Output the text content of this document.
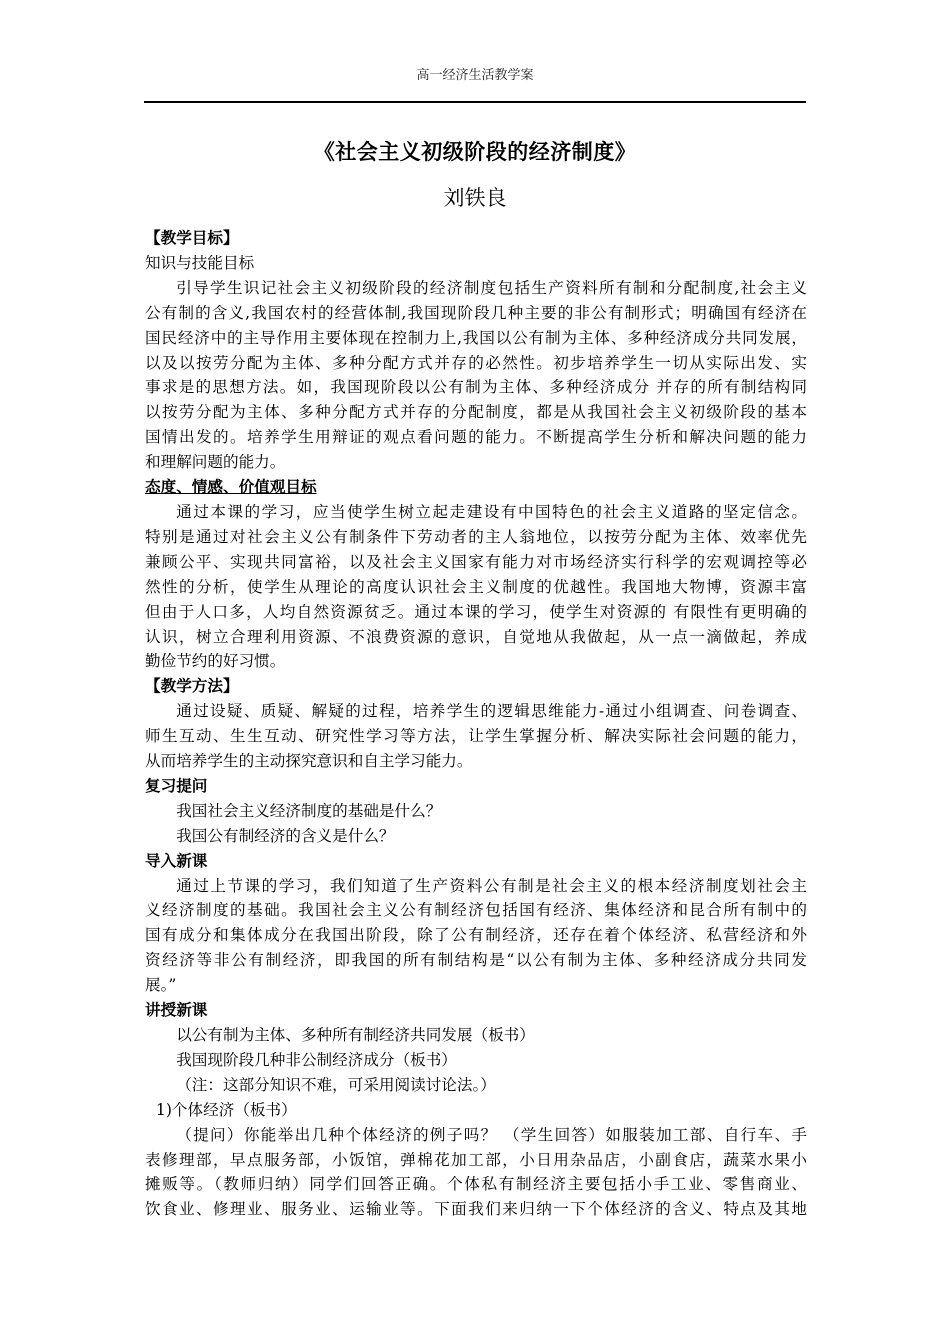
高一经济生活教学案
《社会主义初级阶段的经济制度》
刘铁良

【教学目标】

知识与技能目标

引导学生识记社会主义初级阶段的经济制度包括生产资料所有制和分配制度,社会主义

公有制的含义,我国农村的经营体制,我国现阶段几种主要的非公有制形式；明确国有经济在

国民经济中的主导作用主要体现在控制力上,我国以公有制为主体、多种经济成分共同发展，

以及以按劳分配为主体、多种分配方式并存的必然性。初步培养学生一切从实际出发、实

事求是的思想方法。如，我国现阶段以公有制为主体、多种经济成分 并存的所有制结构同

以按劳分配为主体、多种分配方式并存的分配制度，都是从我国社会主义初级阶段的基本

国情出发的。培养学生用辩证的观点看问题的能力。不断提高学生分析和解决问题的能力

和理解问题的能力。

态度、情感、价值观目标

通过本课的学习，应当使学生树立起走建设有中国特色的社会主义道路的坚定信念。

特别是通过对社会主义公有制条件下劳动者的主人翁地位，以按劳分配为主体、效率优先

兼顾公平、实现共同富裕，以及社会主义国家有能力对市场经济实行科学的宏观调控等必

然性的分析，使学生从理论的高度认识社会主义制度的优越性。我国地大物博，资源丰富

但由于人口多，人均自然资源贫乏。通过本课的学习，使学生对资源的 有限性有更明确的

认识，树立合理利用资源、不浪费资源的意识，自觉地从我做起，从一点一滴做起，养成

勤俭节约的好习惯。

【教学方法】

通过设疑、质疑、解疑的过程，培养学生的逻辑思维能力-通过小组调查、问卷调查、

师生互动、生生互动、研究性学习等方法，让学生掌握分析、解决实际社会问题的能力，

从而培养学生的主动探究意识和自主学习能力。

复习提问

我国社会主义经济制度的基础是什么？

我国公有制经济的含义是什么？

导入新课

通过上节课的学习，我们知道了生产资料公有制是社会主义的根本经济制度划社会主

义经济制度的基础。我国社会主义公有制经济包括国有经济、集体经济和昆合所有制中的

国有成分和集体成分在我国出阶段，除了公有制经济，还存在着个体经济、私营经济和外

资经济等非公有制经济，即我国的所有制结构是“以公有制为主体、多种经济成分共同发

展。”

讲授新课

以公有制为主体、多种所有制经济共同发展（板书）

我国现阶段几种非公制经济成分（板书）

（注：这部分知识不难，可采用阅读讨论法。）

1)个体经济（板书）

（提问）你能举出几种个体经济的例子吗？ （学生回答）如服装加工部、自行车、手

表修理部，早点服务部，小饭馆，弹棉花加工部，小日用杂品店，小副食店，蔬菜水果小

摊贩等。（教师归纳）同学们回答正确。个体私有制经济主要包括小手工业、零售商业、

饮食业、修理业、服务业、运输业等。下面我们来归纳一下个体经济的含义、特点及其地
